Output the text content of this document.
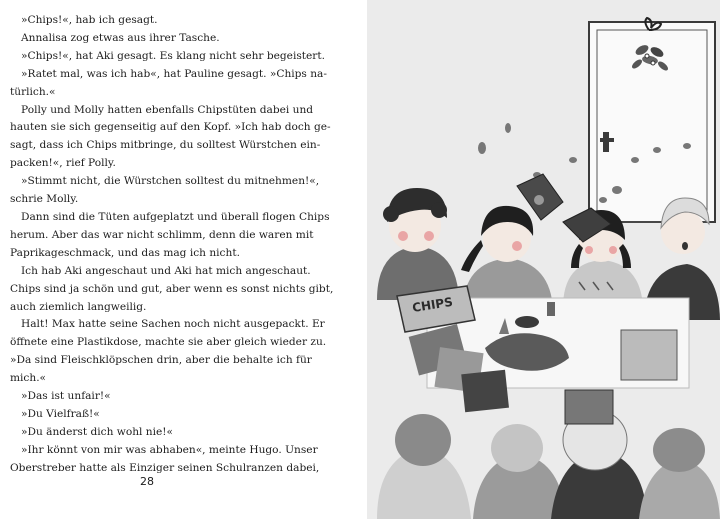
»Chips!«, hab ich gesagt.
Annalisa zog etwas aus ihrer Tasche.
»Chips!«, hat Aki gesagt. Es klang nicht sehr begeistert.
»Ratet mal, was ich hab«, hat Pauline gesagt. »Chips na-
türlich.«
Polly und Molly hatten ebenfalls Chipstüten dabei und
hauten sie sich gegenseitig auf den Kopf. »Ich hab doch ge-
sagt, dass ich Chips mitbringe, du solltest Würstchen ein-
packen!«, rief Polly.
»Stimmt nicht, die Würstchen solltest du mitnehmen!«,
schrie Molly.
Dann sind die Tüten aufgeplatzt und überall flogen Chips
herum. Aber das war nicht schlimm, denn die waren mit
Paprikageschmack, und das mag ich nicht.
Ich hab Aki angeschaut und Aki hat mich angeschaut.
Chips sind ja schön und gut, aber wenn es sonst nichts gibt,
auch ziemlich langweilig.
Halt! Max hatte seine Sachen noch nicht ausgepackt. Er
öffnete eine Plastikdose, machte sie aber gleich wieder zu.
»Da sind Fleischklöpschen drin, aber die behalte ich für
mich.«
»Das ist unfair!«
»Du Vielfraß!«
»Du änderst dich wohl nie!«
»Ihr könnt von mir was abhaben«, meinte Hugo. Unser
Oberstreber hatte als Einziger seinen Schulranzen dabei,
28
CHIPS
